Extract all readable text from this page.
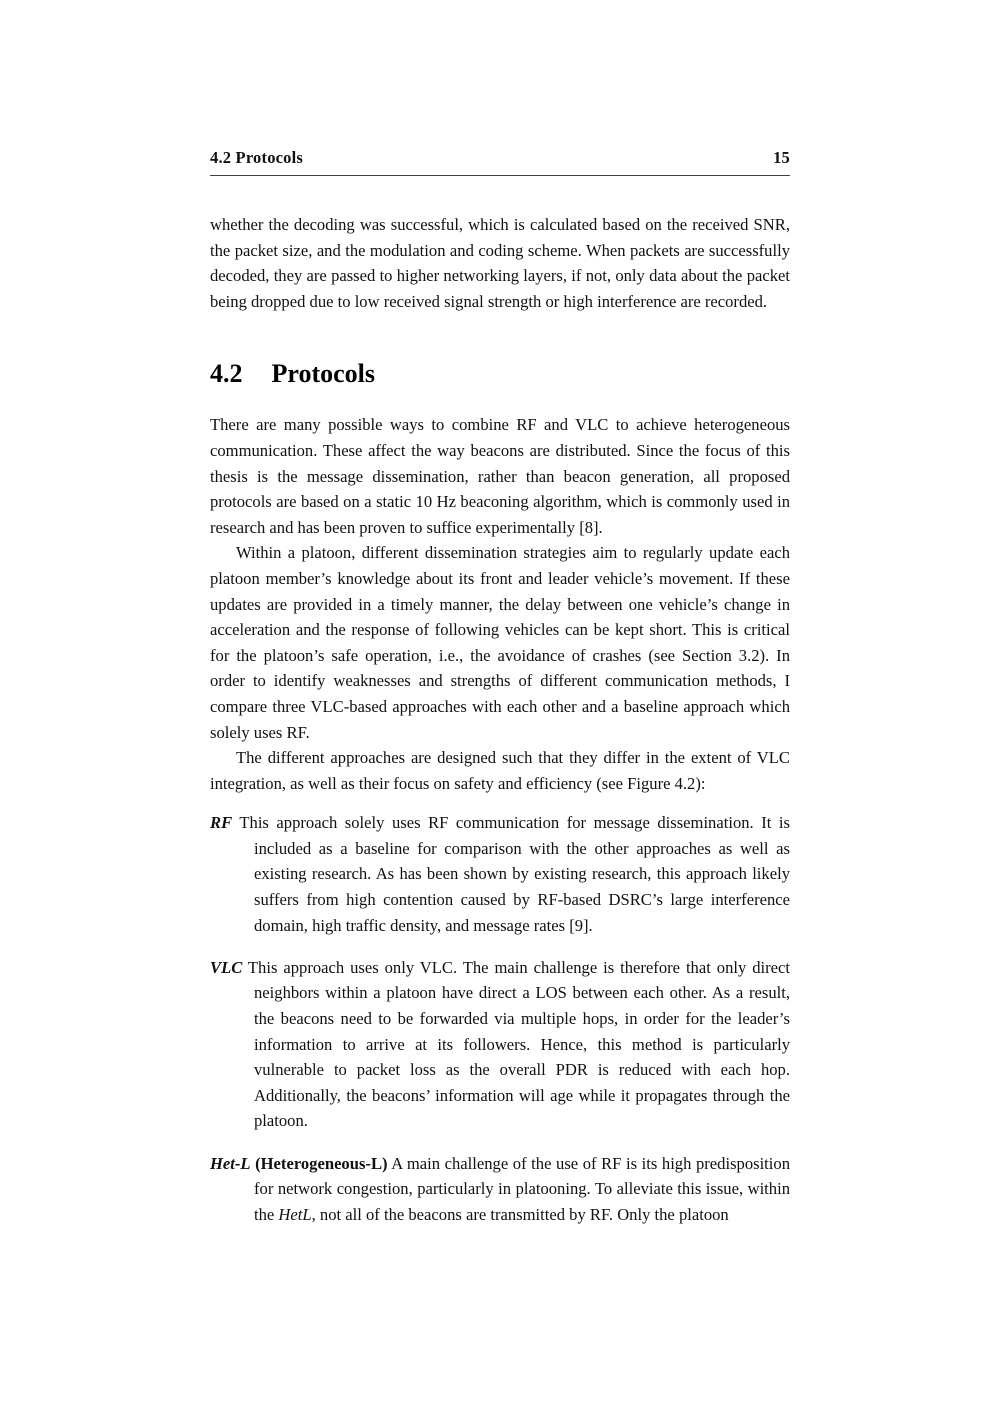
4.2 Protocols	15

whether the decoding was successful, which is calculated based on the received SNR, the packet size, and the modulation and coding scheme. When packets are successfully decoded, they are passed to higher networking layers, if not, only data about the packet being dropped due to low received signal strength or high interference are recorded.

4.2 Protocols

There are many possible ways to combine RF and VLC to achieve heterogeneous communication. These affect the way beacons are distributed. Since the focus of this thesis is the message dissemination, rather than beacon generation, all proposed protocols are based on a static 10 Hz beaconing algorithm, which is commonly used in research and has been proven to suffice experimentally [8].

Within a platoon, different dissemination strategies aim to regularly update each platoon member’s knowledge about its front and leader vehicle’s movement. If these updates are provided in a timely manner, the delay between one vehicle’s change in acceleration and the response of following vehicles can be kept short. This is critical for the platoon’s safe operation, i.e., the avoidance of crashes (see Section 3.2). In order to identify weaknesses and strengths of different communication methods, I compare three VLC-based approaches with each other and a baseline approach which solely uses RF.

The different approaches are designed such that they differ in the extent of VLC integration, as well as their focus on safety and efficiency (see Figure 4.2):

RF This approach solely uses RF communication for message dissemination. It is included as a baseline for comparison with the other approaches as well as existing research. As has been shown by existing research, this approach likely suffers from high contention caused by RF-based DSRC’s large interference domain, high traffic density, and message rates [9].

VLC This approach uses only VLC. The main challenge is therefore that only direct neighbors within a platoon have direct a LOS between each other. As a result, the beacons need to be forwarded via multiple hops, in order for the leader’s information to arrive at its followers. Hence, this method is particularly vulnerable to packet loss as the overall PDR is reduced with each hop. Additionally, the beacons’ information will age while it propagates through the platoon.

Het-L (Heterogeneous-L) A main challenge of the use of RF is its high predisposition for network congestion, particularly in platooning. To alleviate this issue, within the HetL, not all of the beacons are transmitted by RF. Only the platoon
